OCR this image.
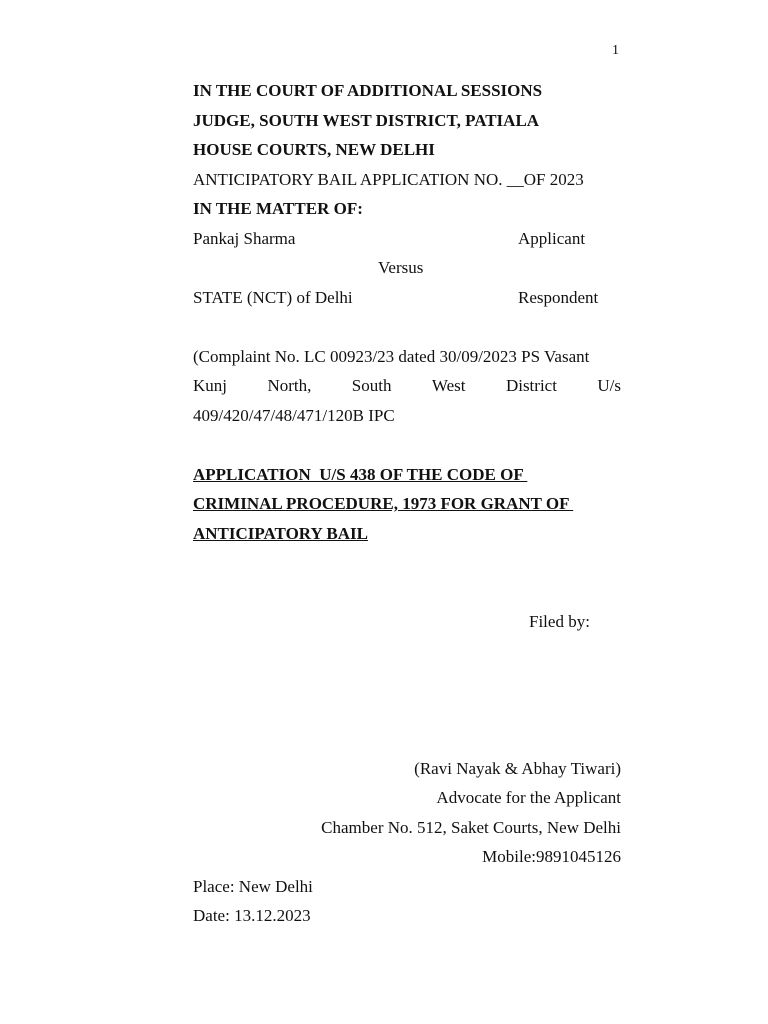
1
IN THE COURT OF ADDITIONAL SESSIONS
JUDGE, SOUTH WEST DISTRICT, PATIALA
HOUSE COURTS, NEW DELHI
ANTICIPATORY BAIL APPLICATION NO. __OF 2023
IN THE MATTER OF:
Pankaj Sharma	Applicant
Versus
STATE (NCT) of Delhi	Respondent
(Complaint No. LC 00923/23 dated 30/09/2023 PS Vasant
Kunj North, South West District U/s
409/420/47/48/471/120B IPC
APPLICATION  U/S 438 OF THE CODE OF
CRIMINAL PROCEDURE, 1973 FOR GRANT OF
ANTICIPATORY BAIL
Filed by:
(Ravi Nayak & Abhay Tiwari)
Advocate for the Applicant
Chamber No. 512, Saket Courts, New Delhi
Mobile:9891045126
Place: New Delhi
Date: 13.12.2023
